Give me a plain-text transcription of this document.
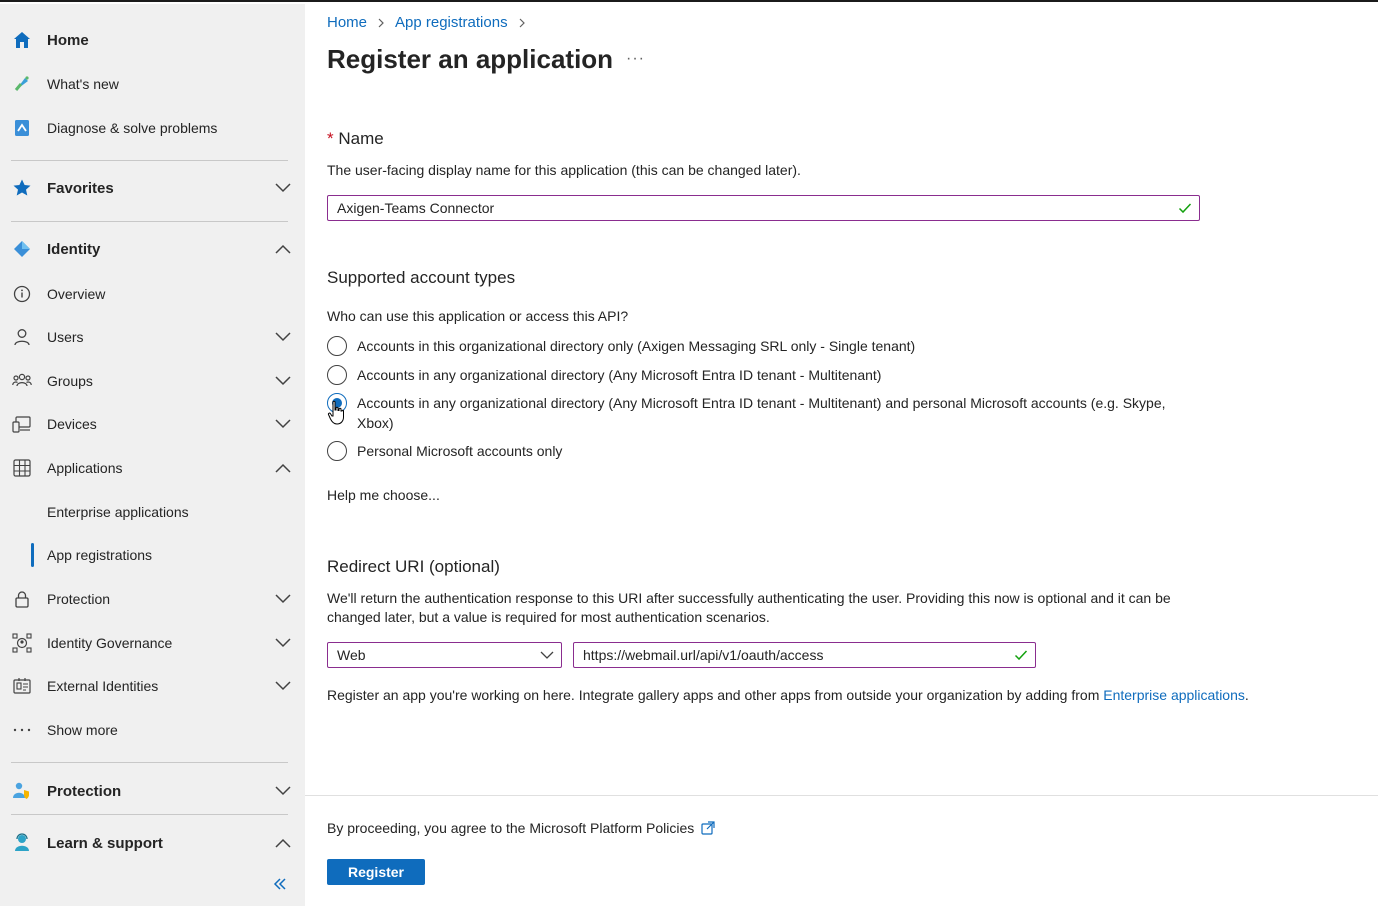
Home
What's new
Diagnose & solve problems
Favorites
Identity
Overview
Users
Groups
Devices
Applications
Enterprise applications
App registrations
Protection
Identity Governance
External Identities
Show more
Protection
Learn & support
Home App registrations
Register an application ···
* Name
The user-facing display name for this application (this can be changed later).
Axigen-Teams Connector
Supported account types
Who can use this application or access this API?
Accounts in this organizational directory only (Axigen Messaging SRL only - Single tenant)
Accounts in any organizational directory (Any Microsoft Entra ID tenant - Multitenant)
Accounts in any organizational directory (Any Microsoft Entra ID tenant - Multitenant) and personal Microsoft accounts (e.g. Skype, Xbox)
Personal Microsoft accounts only
Help me choose...
Redirect URI (optional)
We'll return the authentication response to this URI after successfully authenticating the user. Providing this now is optional and it can be changed later, but a value is required for most authentication scenarios.
Web	https://webmail.url/api/v1/oauth/access
Register an app you're working on here. Integrate gallery apps and other apps from outside your organization by adding from Enterprise applications.
By proceeding, you agree to the Microsoft Platform Policies
Register
